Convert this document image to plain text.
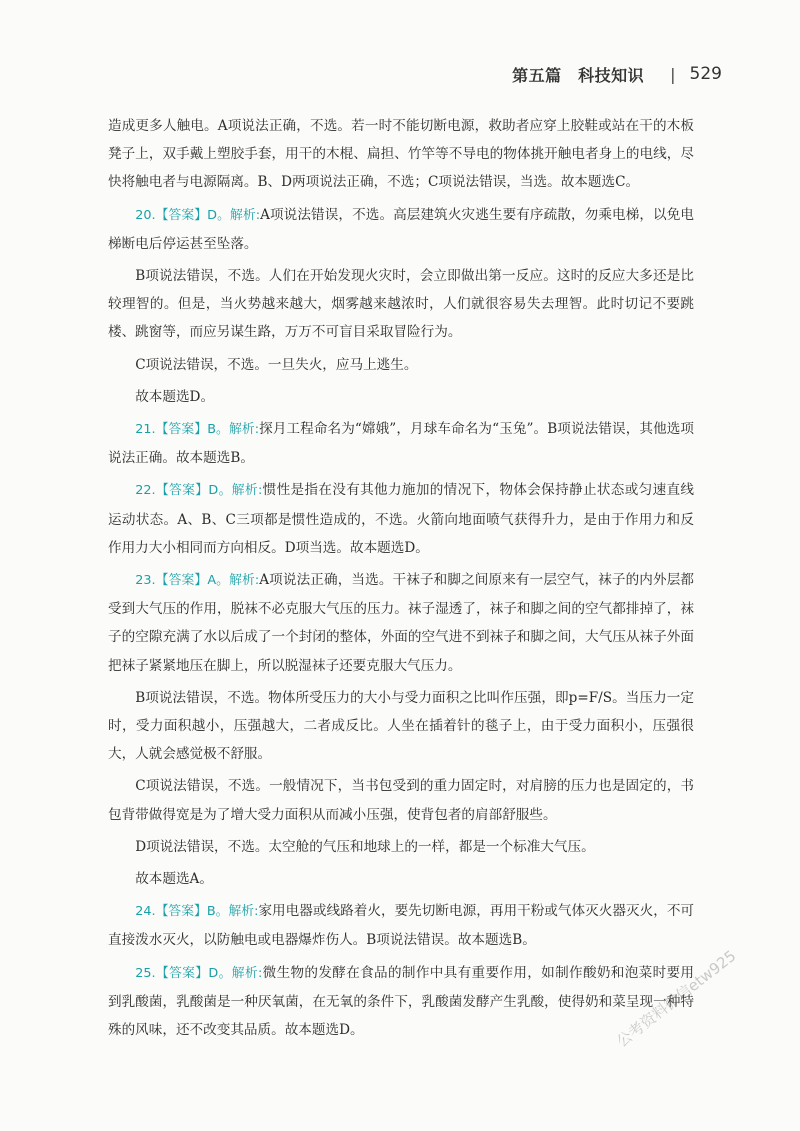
第五篇　科技知识 | 529

造成更多人触电。A项说法正确，不选。若一时不能切断电源，救助者应穿上胶鞋或站在干的木板凳子上，双手戴上塑胶手套，用干的木棍、扁担、竹竿等不导电的物体挑开触电者身上的电线，尽快将触电者与电源隔离。B、D两项说法正确，不选；C项说法错误，当选。故本题选C。

20.【答案】D。解析:A项说法错误，不选。高层建筑火灾逃生要有序疏散，勿乘电梯，以免电梯断电后停运甚至坠落。

B项说法错误，不选。人们在开始发现火灾时，会立即做出第一反应。这时的反应大多还是比较理智的。但是，当火势越来越大，烟雾越来越浓时，人们就很容易失去理智。此时切记不要跳楼、跳窗等，而应另谋生路，万万不可盲目采取冒险行为。

C项说法错误，不选。一旦失火，应马上逃生。

故本题选D。

21.【答案】B。解析:探月工程命名为“嫦娥”，月球车命名为“玉兔”。B项说法错误，其他选项说法正确。故本题选B。

22.【答案】D。解析:惯性是指在没有其他力施加的情况下，物体会保持静止状态或匀速直线运动状态。A、B、C三项都是惯性造成的，不选。火箭向地面喷气获得升力，是由于作用力和反作用力大小相同而方向相反。D项当选。故本题选D。

23.【答案】A。解析:A项说法正确，当选。干袜子和脚之间原来有一层空气，袜子的内外层都受到大气压的作用，脱袜不必克服大气压的压力。袜子湿透了，袜子和脚之间的空气都排掉了，袜子的空隙充满了水以后成了一个封闭的整体，外面的空气进不到袜子和脚之间，大气压从袜子外面把袜子紧紧地压在脚上，所以脱湿袜子还要克服大气压力。

B项说法错误，不选。物体所受压力的大小与受力面积之比叫作压强，即p=F/S。当压力一定时，受力面积越小，压强越大，二者成反比。人坐在插着针的毯子上，由于受力面积小，压强很大，人就会感觉极不舒服。

C项说法错误，不选。一般情况下，当书包受到的重力固定时，对肩膀的压力也是固定的，书包背带做得宽是为了增大受力面积从而减小压强，使背包者的肩部舒服些。

D项说法错误，不选。太空舱的气压和地球上的一样，都是一个标准大气压。

故本题选A。

24.【答案】B。解析:家用电器或线路着火，要先切断电源，再用干粉或气体灭火器灭火，不可直接泼水灭火，以防触电或电器爆炸伤人。B项说法错误。故本题选B。

25.【答案】D。解析:微生物的发酵在食品的制作中具有重要作用，如制作酸奶和泡菜时要用到乳酸菌，乳酸菌是一种厌氧菌，在无氧的条件下，乳酸菌发酵产生乳酸，使得奶和菜呈现一种特殊的风味，还不改变其品质。故本题选D。	公考资料微信etw925
